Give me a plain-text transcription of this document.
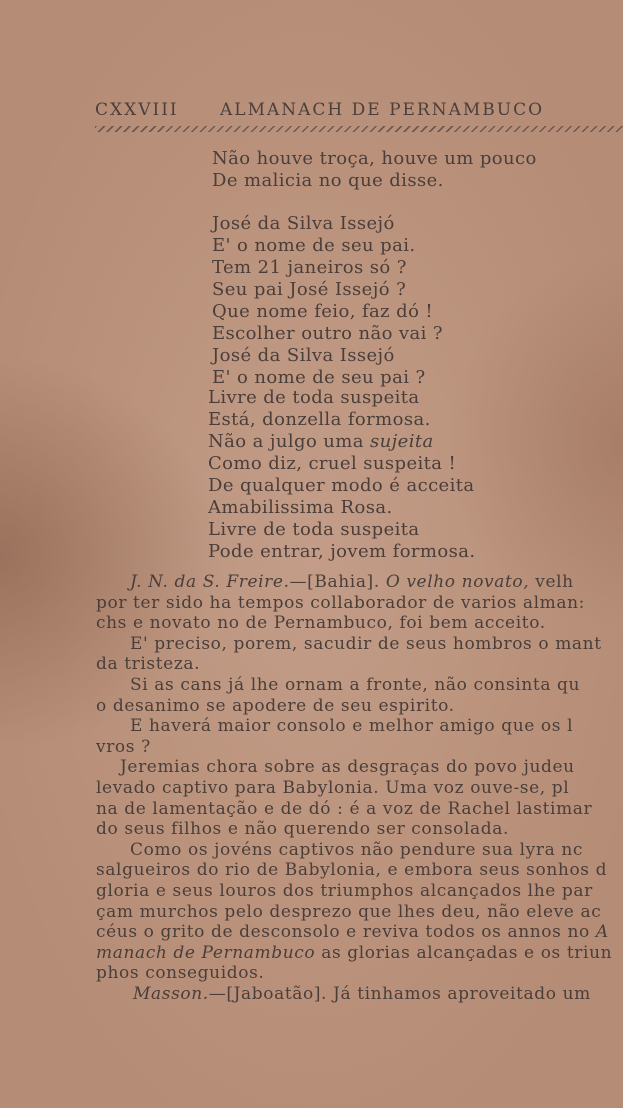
CXXVIII ALMANACH DE PERNAMBUCO
Não houve troça, houve um pouco
De malicia no que disse.
José da Silva Issejó
E' o nome de seu pai.
Tem 21 janeiros só ?
Seu pai José Issejó ?
Que nome feio, faz dó !
Escolher outro não vai ?
José da Silva Issejó
E' o nome de seu pai ?
Livre de toda suspeita
Está, donzella formosa.
Não a julgo uma sujeita
Como diz, cruel suspeita !
De qualquer modo é acceita
Amabilissima Rosa.
Livre de toda suspeita
Pode entrar, jovem formosa.
J. N. da S. Freire.—[Bahia]. O velho novato, velh
por ter sido ha tempos collaborador de varios alman:
chs e novato no de Pernambuco, foi bem acceito.
E' preciso, porem, sacudir de seus hombros o mant
da tristeza.
Si as cans já lhe ornam a fronte, não consinta qu
o desanimo se apodere de seu espirito.
E haverá maior consolo e melhor amigo que os l
vros ?
Jeremias chora sobre as desgraças do povo judeu
levado captivo para Babylonia. Uma voz ouve-se, pl
na de lamentação e de dó : é a voz de Rachel lastimar
do seus filhos e não querendo ser consolada.
Como os jovéns captivos não pendure sua lyra nc
salgueiros do rio de Babylonia, e embora seus sonhos d
gloria e seus louros dos triumphos alcançados lhe par
çam murchos pelo desprezo que lhes deu, não eleve ac
céus o grito de desconsolo e reviva todos os annos no A
manach de Pernambuco as glorias alcançadas e os triun
phos conseguidos.
Masson.—[Jaboatão]. Já tinhamos aproveitado um
